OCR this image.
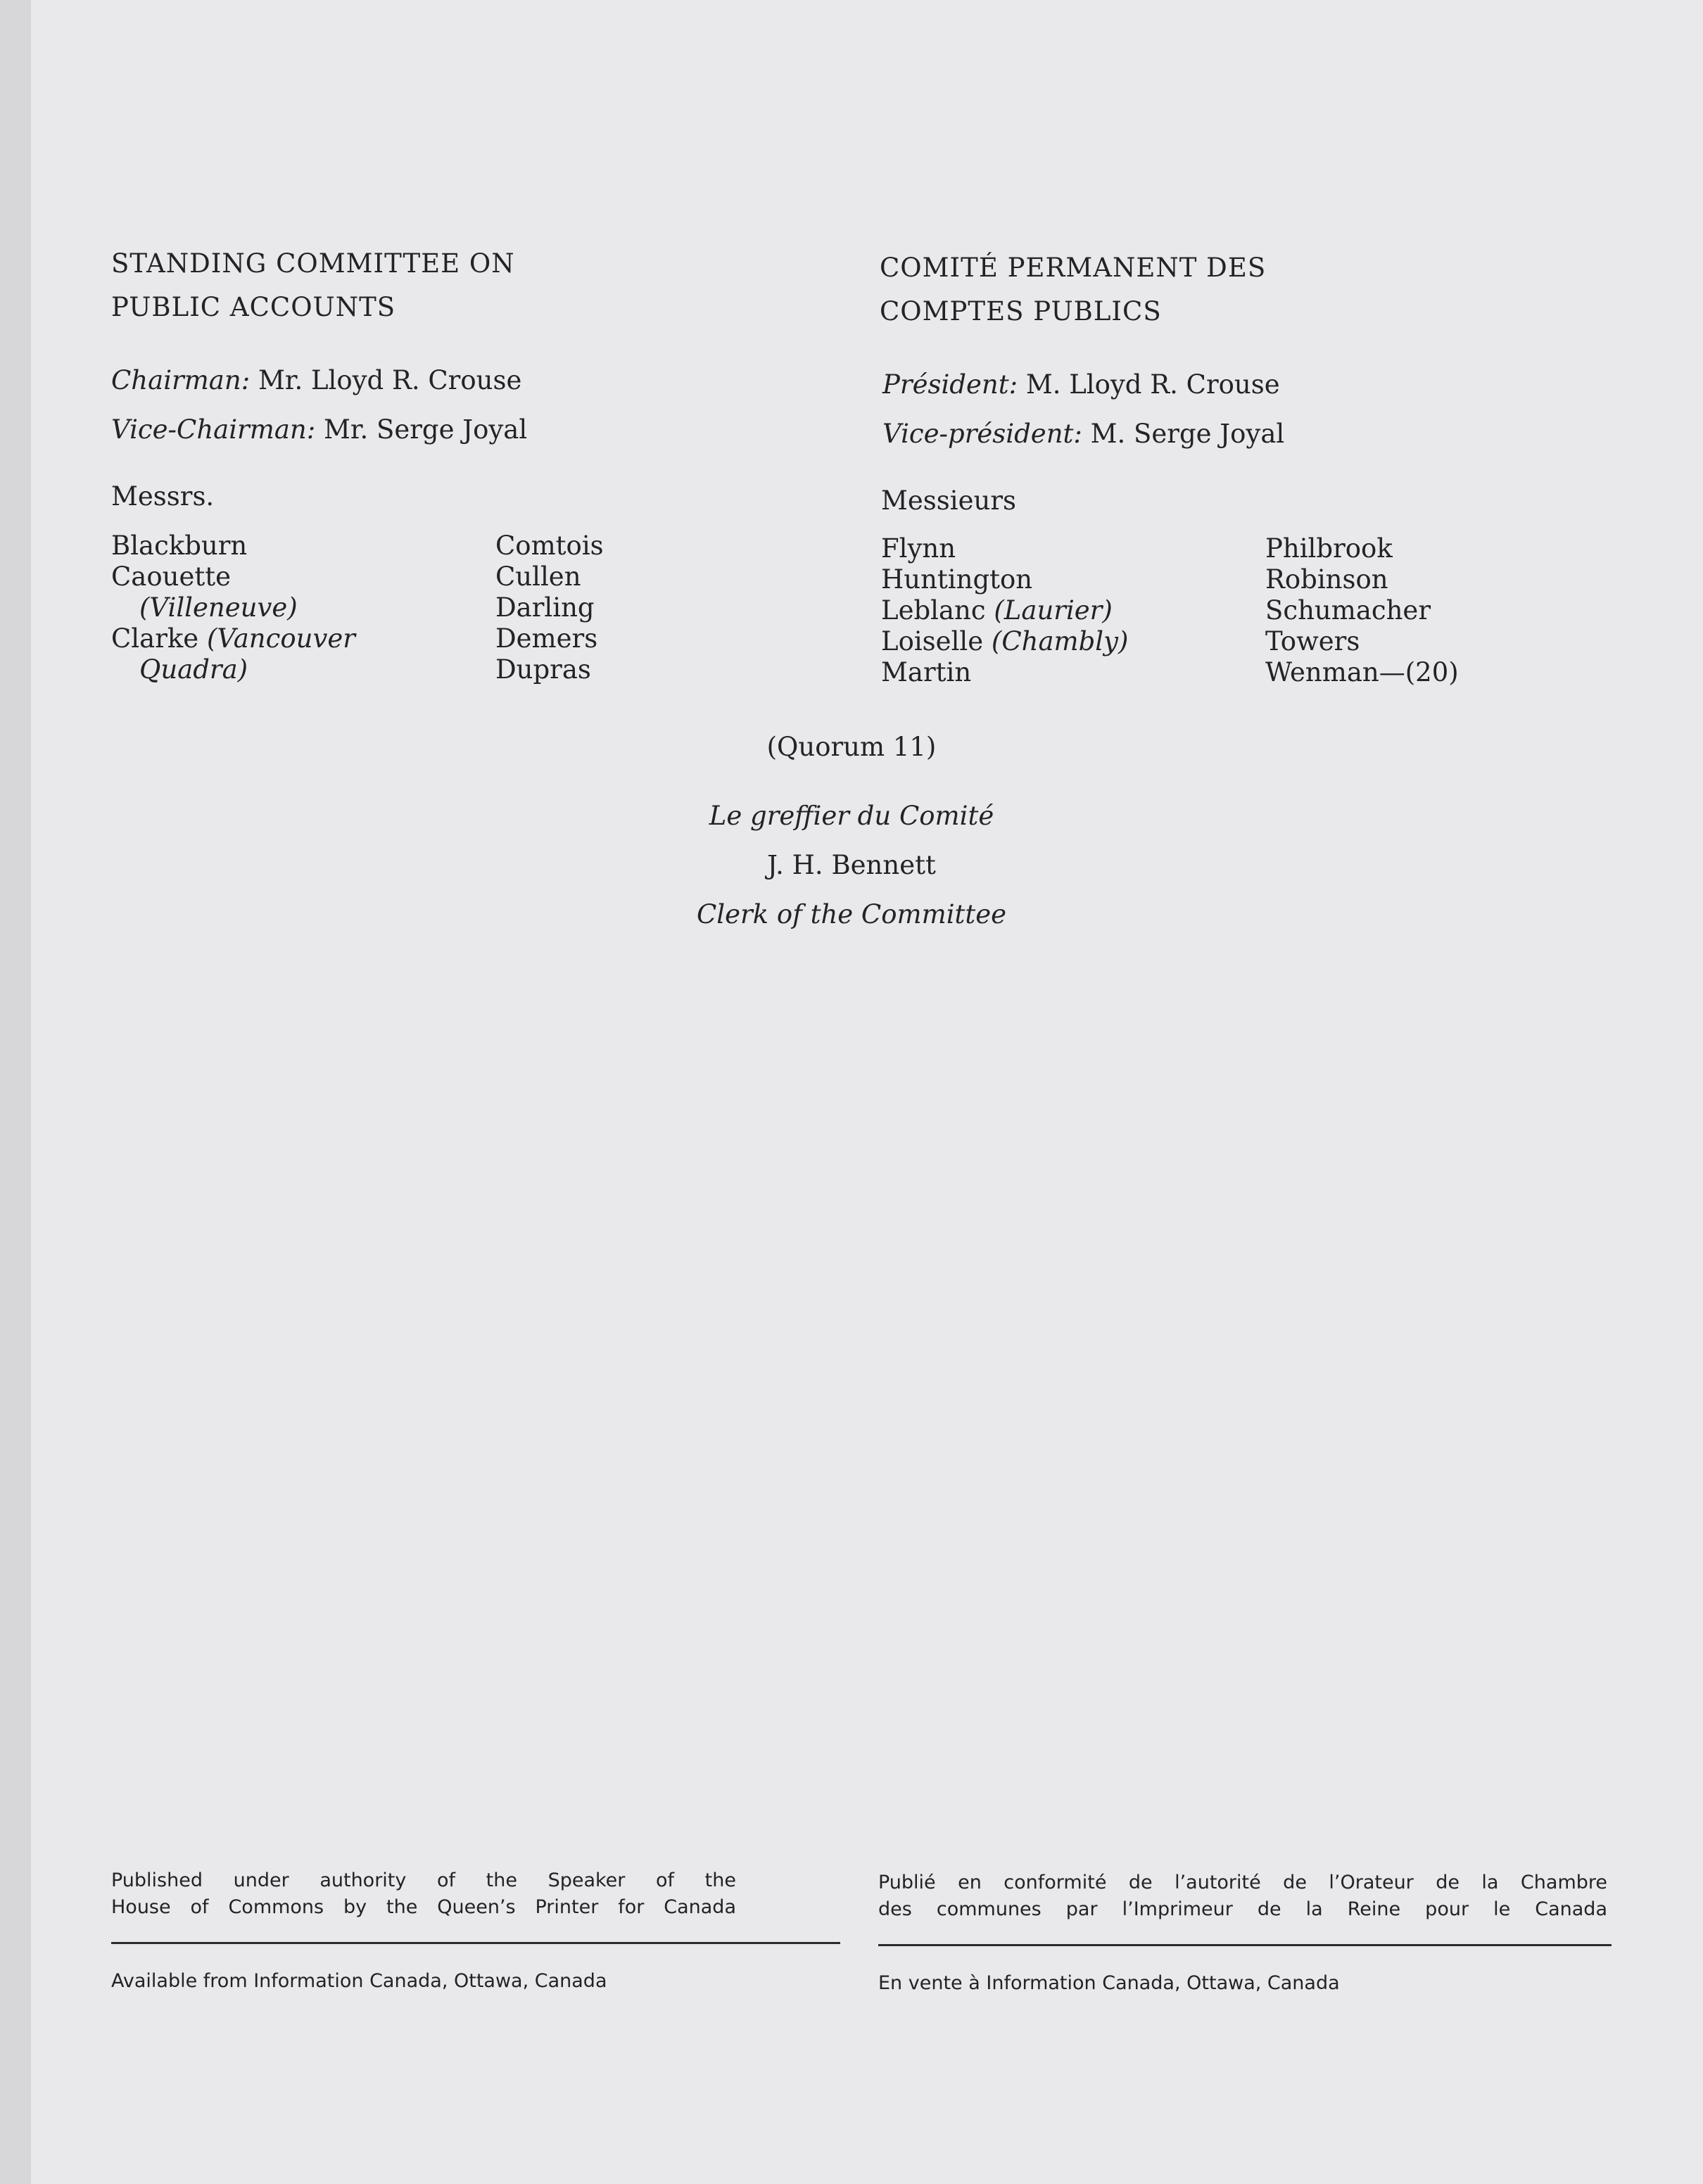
STANDING COMMITTEE ON
PUBLIC ACCOUNTS
COMITÉ PERMANENT DES
COMPTES PUBLICS
Chairman: Mr. Lloyd R. Crouse
Vice-Chairman: Mr. Serge Joyal
Président: M. Lloyd R. Crouse
Vice-président: M. Serge Joyal
Messrs.	Messieurs
Blackburn
Caouette
(Villeneuve)
Clarke (Vancouver
Quadra)
Comtois
Cullen
Darling
Demers
Dupras
Flynn
Huntington
Leblanc (Laurier)
Loiselle (Chambly)
Martin
Philbrook
Robinson
Schumacher
Towers
Wenman—(20)
(Quorum 11)
Le greffier du Comité
J. H. Bennett
Clerk of the Committee
Published under authority of the Speaker of the
House of Commons by the Queen’s Printer for Canada
Available from Information Canada, Ottawa, Canada
Publié en conformité de l’autorité de l’Orateur de la Chambre
des communes par l’Imprimeur de la Reine pour le Canada
En vente à Information Canada, Ottawa, Canada
